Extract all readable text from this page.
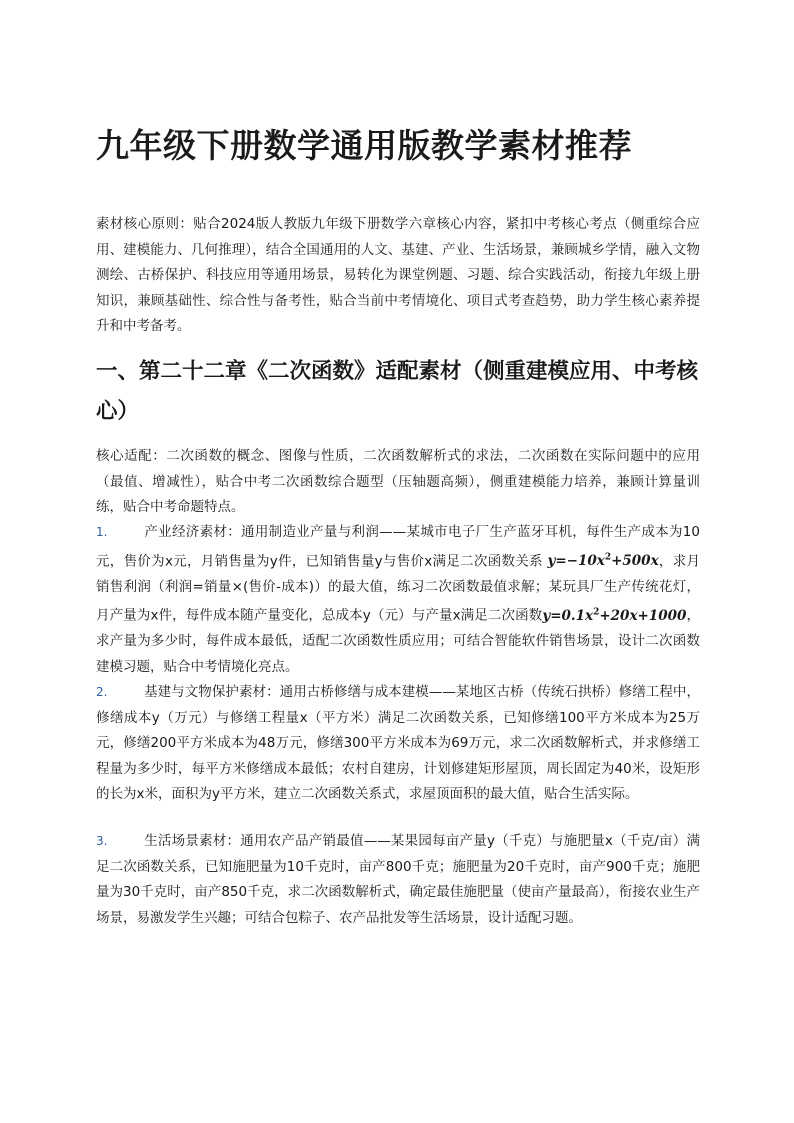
九年级下册数学通用版教学素材推荐

素材核心原则：贴合2024版人教版九年级下册数学六章核心内容，紧扣中考核心考点（侧重综合应用、建模能力、几何推理），结合全国通用的人文、基建、产业、生活场景，兼顾城乡学情，融入文物测绘、古桥保护、科技应用等通用场景，易转化为课堂例题、习题、综合实践活动，衔接九年级上册知识，兼顾基础性、综合性与备考性，贴合当前中考情境化、项目式考查趋势，助力学生核心素养提升和中考备考。

一、第二十二章《二次函数》适配素材（侧重建模应用、中考核心）

核心适配：二次函数的概念、图像与性质，二次函数解析式的求法，二次函数在实际问题中的应用（最值、增减性），贴合中考二次函数综合题型（压轴题高频），侧重建模能力培养，兼顾计算量训练，贴合中考命题特点。

1.	产业经济素材：通用制造业产量与利润——某城市电子厂生产蓝牙耳机，每件生产成本为10元，售价为x元，月销售量为y件，已知销售量y与售价x满足二次函数关系 $y=-10x^2+500x$，求月销售利润（利润=销量×(售价-成本)）的最大值，练习二次函数最值求解；某玩具厂生产传统花灯，月产量为x件，每件成本随产量变化，总成本y（元）与产量x满足二次函数$y=0.1x^2+20x+1000$，求产量为多少时，每件成本最低，适配二次函数性质应用；可结合智能软件销售场景，设计二次函数建模习题，贴合中考情境化亮点。

2.	基建与文物保护素材：通用古桥修缮与成本建模——某地区古桥（传统石拱桥）修缮工程中，修缮成本y（万元）与修缮工程量x（平方米）满足二次函数关系，已知修缮100平方米成本为25万元，修缮200平方米成本为48万元，修缮300平方米成本为69万元，求二次函数解析式，并求修缮工程量为多少时，每平方米修缮成本最低；农村自建房，计划修建矩形屋顶，周长固定为40米，设矩形的长为x米，面积为y平方米，建立二次函数关系式，求屋顶面积的最大值，贴合生活实际。

3.	生活场景素材：通用农产品产销最值——某果园每亩产量y（千克）与施肥量x（千克/亩）满足二次函数关系，已知施肥量为10千克时，亩产800千克；施肥量为20千克时，亩产900千克；施肥量为30千克时，亩产850千克，求二次函数解析式，确定最佳施肥量（使亩产量最高），衔接农业生产场景，易激发学生兴趣；可结合包粽子、农产品批发等生活场景，设计适配习题。
